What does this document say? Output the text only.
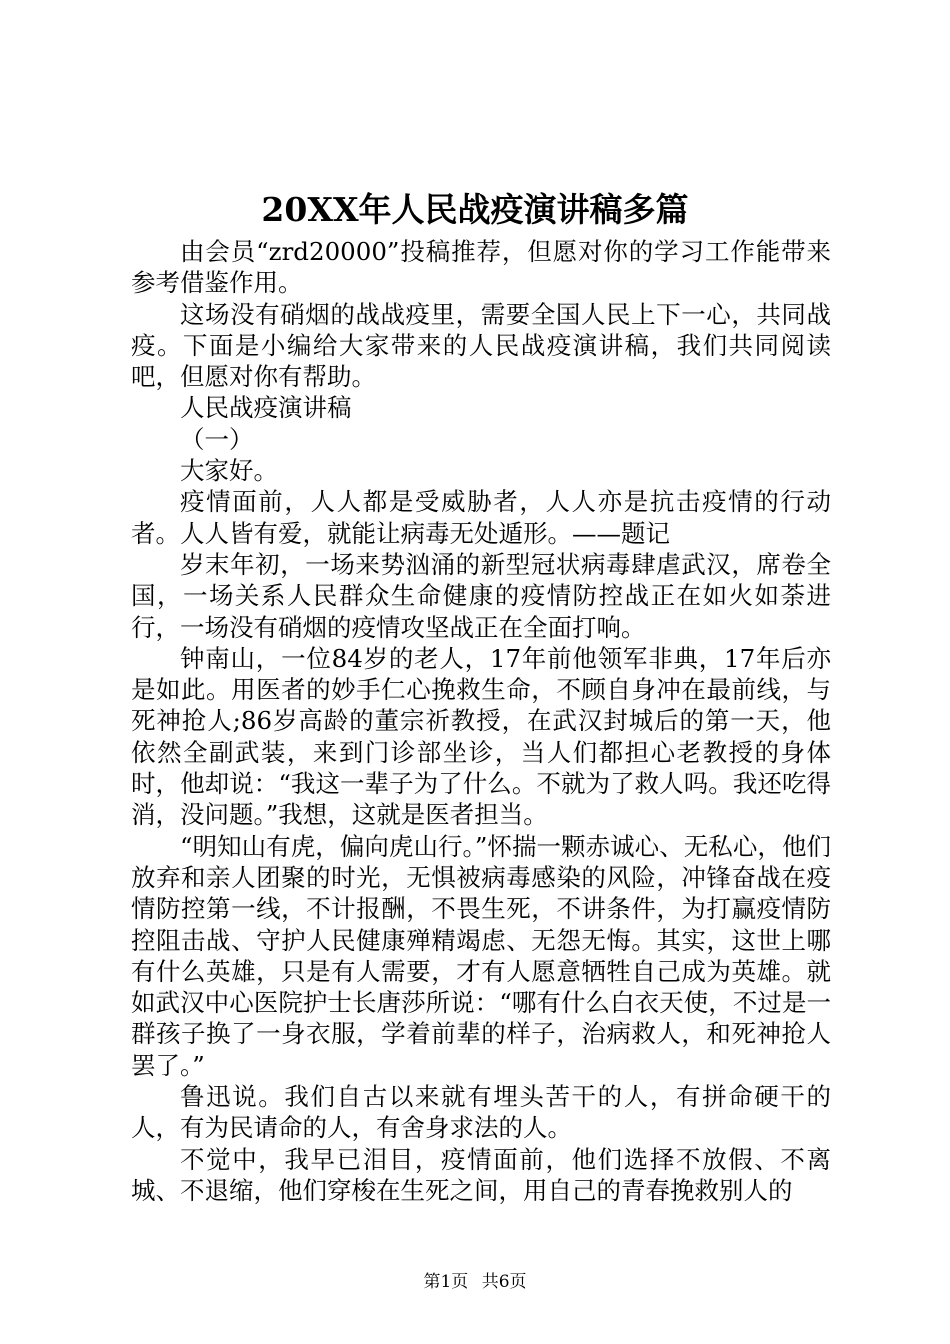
20XX年人民战疫演讲稿多篇

由会员“zrd20000”投稿推荐，但愿对你的学习工作能带来参考借鉴作用。

这场没有硝烟的战战疫里，需要全国人民上下一心，共同战疫。下面是小编给大家带来的人民战疫演讲稿，我们共同阅读吧，但愿对你有帮助。

人民战疫演讲稿

（一）

大家好。

疫情面前，人人都是受威胁者，人人亦是抗击疫情的行动者。人人皆有爱，就能让病毒无处遁形。——题记

岁末年初，一场来势汹涌的新型冠状病毒肆虐武汉，席卷全国，一场关系人民群众生命健康的疫情防控战正在如火如荼进行，一场没有硝烟的疫情攻坚战正在全面打响。

钟南山，一位84岁的老人，17年前他领军非典，17年后亦是如此。用医者的妙手仁心挽救生命，不顾自身冲在最前线，与死神抢人;86岁高龄的董宗祈教授，在武汉封城后的第一天，他依然全副武装，来到门诊部坐诊，当人们都担心老教授的身体时，他却说：“我这一辈子为了什么。不就为了救人吗。我还吃得消，没问题。”我想，这就是医者担当。

“明知山有虎，偏向虎山行。”怀揣一颗赤诚心、无私心，他们放弃和亲人团聚的时光，无惧被病毒感染的风险，冲锋奋战在疫情防控第一线，不计报酬，不畏生死，不讲条件，为打赢疫情防控阻击战、守护人民健康殚精竭虑、无怨无悔。其实，这世上哪有什么英雄，只是有人需要，才有人愿意牺牲自己成为英雄。就如武汉中心医院护士长唐莎所说：“哪有什么白衣天使，不过是一群孩子换了一身衣服，学着前辈的样子，治病救人，和死神抢人罢了。”

鲁迅说。我们自古以来就有埋头苦干的人，有拼命硬干的人，有为民请命的人，有舍身求法的人。

不觉中，我早已泪目，疫情面前，他们选择不放假、不离城、不退缩，他们穿梭在生死之间，用自己的青春挽救别人的

第1页 共6页
